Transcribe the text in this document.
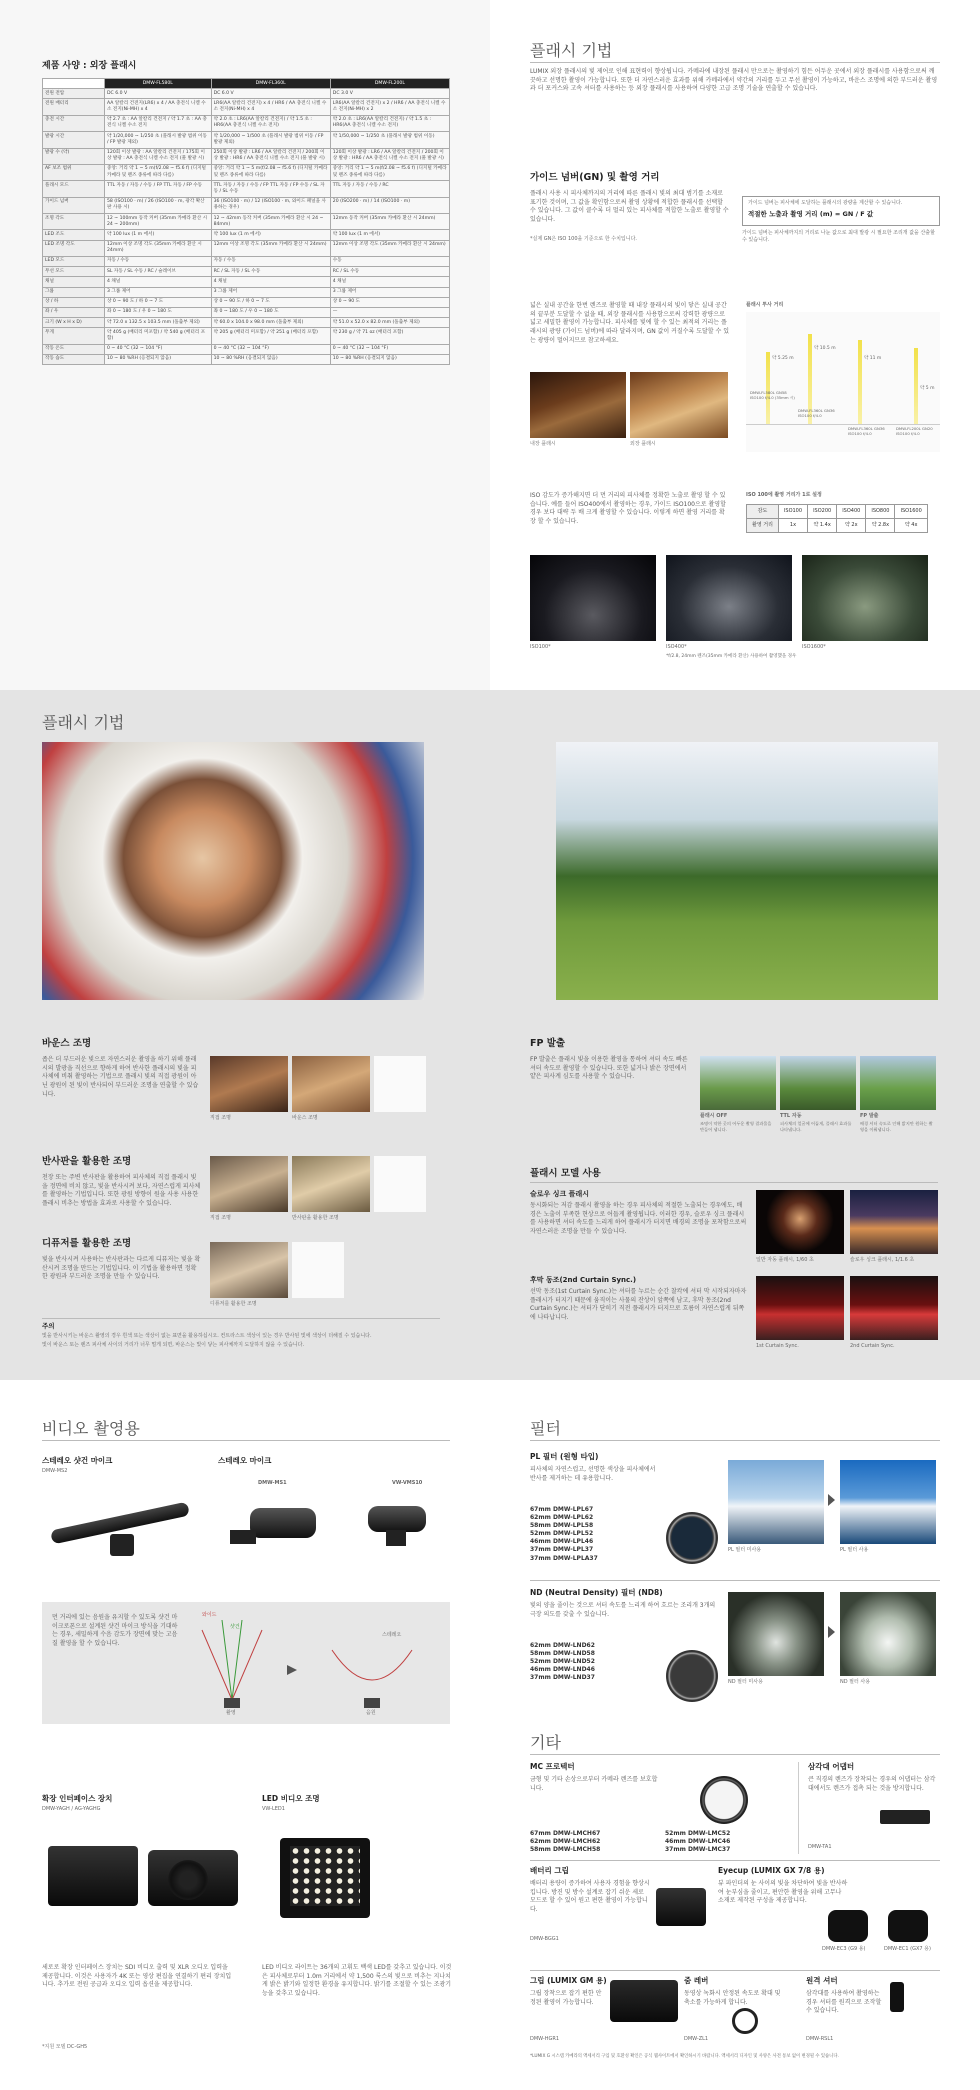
제품 사양 : 외장 플래시
	DMW-FL580L	DMW-FL360L	DMW-FL200L
전원 전압	DC 6.0 V	DC 6.0 V	DC 3.0 V
전원 배터리	AA 알칼리 건전지(LR6) x 4 / AA 충전식 니켈 수소 전지(Ni-MH) x 4	LR6(AA 알칼리 건전지) x 4 / HR6 / AA 충전식 니켈 수소 전지(Ni-MH) x 4	LR6(AA 알칼리 건전지) x 2 / HR6 / AA 충전식 니켈 수소 전지(Ni-MH) x 2
충전 시간	약 2.7 초 : AA 알칼리 건전지 / 약 1.7 초 : AA 충전식 니켈 수소 전지	약 2.0 초 : LR6(AA 알칼리 건전지) / 약 1.5 초 : HR6(AA 충전식 니켈 수소 전지)	약 2.0 초 : LR6(AA 알칼리 건전지) / 약 1.5 초 : HR6(AA 충전식 니켈 수소 전지)
발광 시간	약 1/20,000 ~ 1/250 초 (플래시 발광 범위 이동 / FP 발광 제외)	약 1/20,000 ~ 1/500 초 (플래시 발광 범위 이동 / FP 발광 제외)	약 1/50,000 ~ 1/250 초 (플래시 발광 범위 이동)
발광 수 (약)	120회 이상 발광 : AA 알칼리 건전지 / 175회 이상 발광 : AA 충전식 니켈 수소 전지 (풀 발광 시)	250회 이상 발광 : LR6 / AA 알칼리 건전지 / 200회 이상 발광 : HR6 / AA 충전식 니켈 수소 전지 (풀 발광 시)	120회 이상 발광 : LR6 / AA 알칼리 건전지 / 200회 이상 발광 : HR6 / AA 충전식 니켈 수소 전지 (풀 발광 시)
AF 보조 범위	중앙: 거리 약 1 ~ 5 m(f/2.08 ~ f5.6 f) (디지털 카메라 및 렌즈 종류에 따라 다름)	중앙: 거리 약 1 ~ 5 m(f/2.08 ~ f5.6 f) (디지털 카메라 및 렌즈 종류에 따라 다름)	중앙: 거리 약 1 ~ 5 m(f/2.08 ~ f5.6 f) (디지털 카메라 및 렌즈 종류에 따라 다름)
플래시 모드	TTL 자동 / 자동 / 수동 / FP TTL 자동 / FP 수동	TTL 자동 / 자동 / 수동 / FP TTL 자동 / FP 수동 / SL 자동 / SL 수동	TTL 자동 / 자동 / 수동 / RC
가이드 넘버	58 (ISO100 · m) / 26 (ISO100 · m, 광각 확산판 사용 시)	36 (ISO100 · m) / 12 (ISO100 · m, 와이드 패널을 사용하는 경우)	20 (ISO200 · m) / 14 (ISO100 · m)
조명 각도	12 ~ 100mm 동작 커버 (35mm 카메라 환산 시 24 ~ 200mm)	12 ~ 42mm 동작 커버 (35mm 카메라 환산 시 24 ~ 84mm)	12mm 동작 커버 (35mm 카메라 환산 시 24mm)
LED 조도	약 100 lux (1 m 에서)	약 100 lux (1 m 에서)	약 100 lux (1 m 에서)
LED 조명 각도	12mm 이상 조명 각도 (35mm 카메라 환산 시 24mm)	12mm 이상 조명 각도 (35mm 카메라 환산 시 24mm)	12mm 이상 조명 각도 (35mm 카메라 환산 시 24mm)
LED 모드	자동 / 수동	자동 / 수동	수동
무선 모드	SL 자동 / SL 수동 / RC / 슬레이브	RC / SL 자동 / SL 수동	RC / SL 수동
채널	4 채널	4 채널	4 채널
그룹	3 그룹 제어	3 그룹 제어	3 그룹 제어
상 / 하	상 0 ~ 90 도 / 하 0 ~ 7 도	상 0 ~ 90 도 / 하 0 ~ 7 도	상 0 ~ 90 도
좌 / 우	좌 0 ~ 180 도 / 우 0 ~ 180 도	좌 0 ~ 180 도 / 우 0 ~ 180 도	—
크기 (W x H x D)	약 72.0 x 132.5 x 103.5 mm (돌출부 제외)	약 60.0 x 104.0 x 98.0 mm (돌출부 제외)	약 51.0 x 52.0 x 82.0 mm (돌출부 제외)
무게	약 405 g (배터리 미포함) / 약 540 g (배터리 포함)	약 205 g (배터리 미포함) / 약 251 g (배터리 포함)	약 230 g / 약 71 oz (배터리 포함)
작동 온도	0 ~ 40 °C (32 ~ 104 °F)	0 ~ 40 °C (32 ~ 104 °F)	0 ~ 40 °C (32 ~ 104 °F)
작동 습도	10 ~ 80 %RH (응결되지 않음)	10 ~ 80 %RH (응결되지 않음)	10 ~ 80 %RH (응결되지 않음)
플래시 기법
LUMIX 외장 플래시의 빛 제어로 인해 표현력이 향상됩니다. 카메라에 내장된 플래시 만으로는 촬영하기 힘든 어두운 곳에서 외장 플래시를 사용함으로써 깨끗하고 선명한 촬영이 가능합니다. 또한 더 자연스러운 효과를 위해 카메라에서 약간의 거리를 두고 무선 촬영이 가능하고, 바운스 조명에 의한 부드러운 촬영과 더 포커스와 고속 셔터를 사용하는 등 외장 플래시를 사용하여 다양한 고급 조명 기술을 연출할 수 있습니다.
가이드 넘버(GN) 및 촬영 거리
플래시 사용 시 피사체까지의 거리에 따른 플래시 빛의 최대 범기를 소재로 표기한 것이며, 그 값을 확인함으로써 촬영 상황에 적합한 플래시를 선택할 수 있습니다. 그 값이 클수록 더 멀리 있는 피사체를 적합한 노출로 촬영할 수 있습니다.
*실제 GN은 ISO 100을 기준으로 한 수치입니다.
가이드 넘버는 피사체에 도달하는 플래시의 광량을 계산할 수 있습니다.
적절한 노출과 촬영 거리 (m) = GN / F 값
가이드 넘버는 피사체까지의 거리로 나눈 값으로 최대 발광 시 필요한 조리개 값을 산출할 수 있습니다.
넓은 실내 공간을 한번 렌즈로 촬영할 때 내장 플래시의 빛이 닿은 실내 공간의 끝부분 도달할 수 없을 때, 외장 플래시를 사용함으로써 강력한 광량으로 넓고 세밀한 촬영이 가능합니다. 피사체를 빛에 할 수 있는 최적의 거리는 플래시의 광량 (가이드 넘버)에 따라 달라지며, GN 값이 커질수록 도달할 수 있는 광량이 멀어지므로 참고하세요.
내장 플래시	외장 플래시
플래시 투사 거리
약 5.25 m
약 10.5 m
약 11 m
약 5 m
DMW-FL580L GN58 ISO100 f/4.0 (35mm 시)
DMW-FL360L GN36 ISO100 f/4.0
DMW-FL360L GN36 ISO100 f/4.0
DMW-FL200L GN20 ISO100 f/4.0
ISO 감도가 증가해지면 더 먼 거리의 피사체를 정확한 노출로 촬영 할 수 있습니다. 예를 들어 ISO400에서 촬영하는 경우, 가이드 ISO100으로 촬영할 경우 보다 대략 두 배 크게 촬영할 수 있습니다. 이렇게 하면 촬영 거리를 확장 할 수 있습니다.
ISO 100에 촬영 거리가 1로 설정
감도	ISO100	ISO200	ISO400	ISO800	ISO1600
촬영 거리	1x	약 1.4x	약 2x	약 2.8x	약 4x
ISO100*	ISO400*	ISO1600*
*f/2.8, 24mm 렌즈(35mm 카메라 환산) 사용하여 촬영했을 경우
플래시 기법
바운스 조명
좁은 더 부드러운 빛으로 자연스러운 촬영을 하기 위해 플래시의 발광을 직선으로 향하게 하여 반사한 플래시의 빛을 피사체에 비춰 촬영하는 기법으로 플래시 빛의 직접 광원이 아닌 광원이 된 빛이 반사되어 부드러운 조명을 연출할 수 있습니다.
직접 조명	바운스 조명
반사판을 활용한 조명
천장 또는 주변 반사판을 활용하여 피사체의 직접 플래시 빛을 정면에 비치 않고, 빛을 반사시켜 보다, 자연스럽게 피사체를 촬영하는 기법입니다. 또한 광원 방향이 원을 사용 사용한 플래시 비추는 방법을 효과로 사용할 수 있습니다.
직접 조명	반사판을 활용한 조명
디퓨저를 활용한 조명
빛을 반사시켜 사용하는 반사판과는 다르게 디퓨저는 빛을 확산시켜 조명을 만드는 기법입니다. 이 기법을 활용하면 정확한 광원과 부드러운 조명을 만들 수 있습니다.
디퓨저를 활용한 조명
주의
빛을 반사시키는 바운스 촬영의 경우 흰색 또는 색상이 없는 표면을 활용하십시오. 컨트라스트 색상이 있는 경우 반사된 빛에 색상이 더해질 수 있습니다.
빛이 바운스 또는 렌즈 피사체 사이의 거리가 너무 멀게 되면, 바운스는 빛이 닿는 피사체까지 도달하지 않을 수 있습니다.
FP 발출
FP 발출은 플래시 빛을 이용한 촬영을 통하여 셔터 속도 빠른 셔터 속도로 촬영할 수 있습니다. 또한 넓거나 밝은 장면에서 얕은 피사계 심도를 사용할 수 있습니다.
플래시 OFF	TTL 자동	FP 발출
조명이 약한 곳의 어두운 촬영 결과물을 만들어 냅니다.
피사체의 얼굴에 어둡게, 플래시 효과를 나타냅니다.
배경 셔터 속도로 인해 밝지만 원하는 촬영을 이뤄냅니다.
플래시 모델 사용
슬로우 싱크 플래시
동시화되는 저감 플래시 촬영을 하는 경우 피사체의 적절한 노출되는 경우에도, 배경은 노출이 부족한 현상으로 어둡게 촬영됩니다. 이러한 경우, 슬로우 싱크 플래시를 사용하면 셔터 속도를 느리게 하여 플래시가 터지면 배경의 조명을 포착함으로써 자연스러운 조명을 만들 수 있습니다.
일반 자동 플래시, 1/60 초	슬로우 싱크 플래시, 1/1.6 초
후막 동조(2nd Curtain Sync.)
선막 동조(1st Curtain Sync.)는 셔터를 누르는 순간 찰칵에 셔터 막 시작되자마자 플래시가 터지기 때문에 움직이는 사물의 잔상이 앞쪽에 남고, 후막 동조(2nd Curtain Sync.)는 셔터가 닫히기 직전 플래시가 터지므로 흐름이 자연스럽게 뒤쪽에 나타납니다.
1st Curtain Sync.	2nd Curtain Sync.
비디오 촬영용
스테레오 샷건 마이크
DMW-MS2
스테레오 마이크
DMW-MS1	VW-VMS10
먼 거리에 있는 음원을 유지할 수 있도록 샷건 마이크로폰으로 설계된 샷건 마이크 방식을 기대하는 경우, 세밀하게 수음 감도가 장면에 맞는 고음질 촬영을 할 수 있습니다.
와이드
샷건
스테레오
촬영	음원
확장 인터페이스 장치
DMW-YAGH / AG-YAGHG
세로로 확장 인터페이스 장치는 SDI 비디오 출력 및 XLR 오디오 입력을 제공합니다. 이것은 사용자가 4K 또는 영상 편집을 연결하기 편리 장치입니다. 추가로 전원 공급과 오디오 입력 옵션을 제공합니다.
*지원 모델 DC-GH5
LED 비디오 조명
VW-LED1
LED 비디오 라이트는 36개의 고휘도 백색 LED를 갖추고 있습니다. 이것은 피사체로부터 1.0m 거리에서 약 1,500 룩스의 빛으로 비추는 지나치게 밝은 밝기와 일정한 환경을 유지합니다. 밝기를 조절할 수 있는 조광기능을 갖추고 있습니다.
필터
PL 필터 (원형 타입)
피사체의 자연스럽고, 선명한 색상을 피사체에서 반사를 제거하는 데 유용합니다.
67mm DMW-LPL67
62mm DMW-LPL62
58mm DMW-LPL58
52mm DMW-LPL52
46mm DMW-LPL46
37mm DMW-LPL37
37mm DMW-LPLA37
PL 필터 미사용	PL 필터 사용
ND (Neutral Density) 필터 (ND8)
빛의 양을 줄이는 것으로 셔터 속도를 느리게 하여 흐르는 조리개 3개의 극장 의도를 갖출 수 있습니다.
62mm DMW-LND62
58mm DMW-LND58
52mm DMW-LND52
46mm DMW-LND46
37mm DMW-LND37
ND 필터 미사용	ND 필터 사용
기타
MC 프로텍터
금형 및 기타 손상으로부터 카메라 렌즈를 보호합니다.
67mm DMW-LMCH67	52mm DMW-LMC52
62mm DMW-LMCH62	46mm DMW-LMC46
58mm DMW-LMCH58	37mm DMW-LMC37
삼각대 어댑터
큰 직경의 렌즈가 장착되는 경우의 어댑터는 삼각대에서도 렌즈가 접촉 되는 것을 방지합니다.
DMW-TA1
배터리 그립
배터리 용량이 증가하여 사용자 경험을 향상시킵니다. 방진 및 방수 설계로 잡기 쉬운 세로 모드로 할 수 있어 원고 편한 촬영이 가능합니다.
DMW-BGG1
Eyecup (LUMIX GX 7/8 용)
뷰 파인더의 눈 사이의 빛을 차단하여 빛을 반사하여 눈부심을 줄이고, 편안한 촬영을 위해 고무나 소재로 제작된 구성을 제공합니다.
DMW-EC3 (G9 용)	DMW-EC1 (GX7 용)
그립 (LUMIX GM 용)
그립 장착으로 잡기 편한 안정된 촬영이 가능합니다.
DMW-HGR1
줌 레버
동영상 녹화시 안정된 속도로 확대 및 축소를 가능하게 합니다.
DMW-ZL1
원격 셔터
삼각대를 사용하여 촬영하는 경우 셔터를 원격으로 조작할 수 있습니다.
DMW-RSL1
*LUMIX G 시스템 카메라의 액세서리 구입 및 호환성 확인은 공식 웹사이트에서 확인하시기 바랍니다. 액세서리 디자인 및 사양은 사전 통보 없이 변경될 수 있습니다.
